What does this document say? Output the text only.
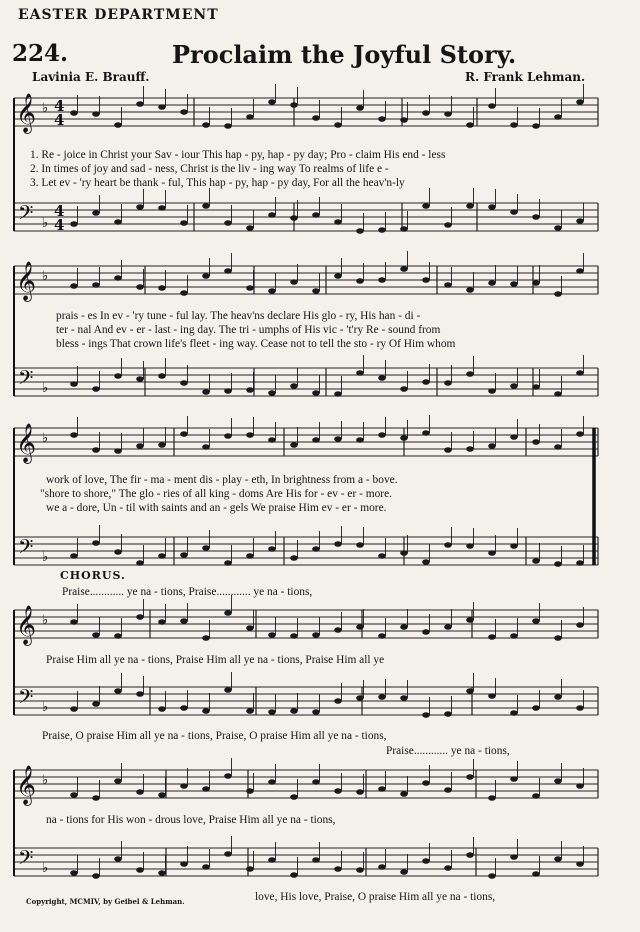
EASTER DEPARTMENT
224.	Proclaim the Joyful Story.
Lavinia E. Brauff.	R. Frank Lehman.
𝄞
𝄢
♭
♭
4
4
4
4
𝄞
𝄢
♭
♭
𝄞
𝄢
♭
♭
𝄞
𝄢
♭
♭
𝄞
𝄢
♭
♭
1. Re - joice in Christ your Sav - iour This hap - py, hap - py day; Pro - claim His end - less
2. In times of joy and sad - ness, Christ is the liv - ing way To realms of life e -
3. Let ev - 'ry heart be thank - ful, This hap - py, hap - py day, For all the heav'n-ly
prais - es In ev - 'ry tune - ful lay. The heav'ns declare His glo - ry, His han - di -
ter - nal And ev - er - last - ing day. The tri - umphs of His vic - 't'ry Re - sound from
bless - ings That crown life's fleet - ing way. Cease not to tell the sto - ry Of Him whom
work of love, The fir - ma - ment dis - play - eth, In brightness from a - bove.
"shore to shore," The glo - ries of all king - doms Are His for - ev - er - more.
we a - dore, Un - til with saints and an - gels We praise Him ev - er - more.
CHORUS.
Praise............ ye na - tions, Praise............ ye na - tions,
Praise Him all ye na - tions, Praise Him all ye na - tions, Praise Him all ye
Praise, O praise Him all ye na - tions, Praise, O praise Him all ye na - tions,
Praise............ ye na - tions,
na - tions for His won - drous love, Praise Him all ye na - tions,
love, His love, Praise, O praise Him all ye na - tions,
Copyright, MCMIV, by Geibel & Lehman.
